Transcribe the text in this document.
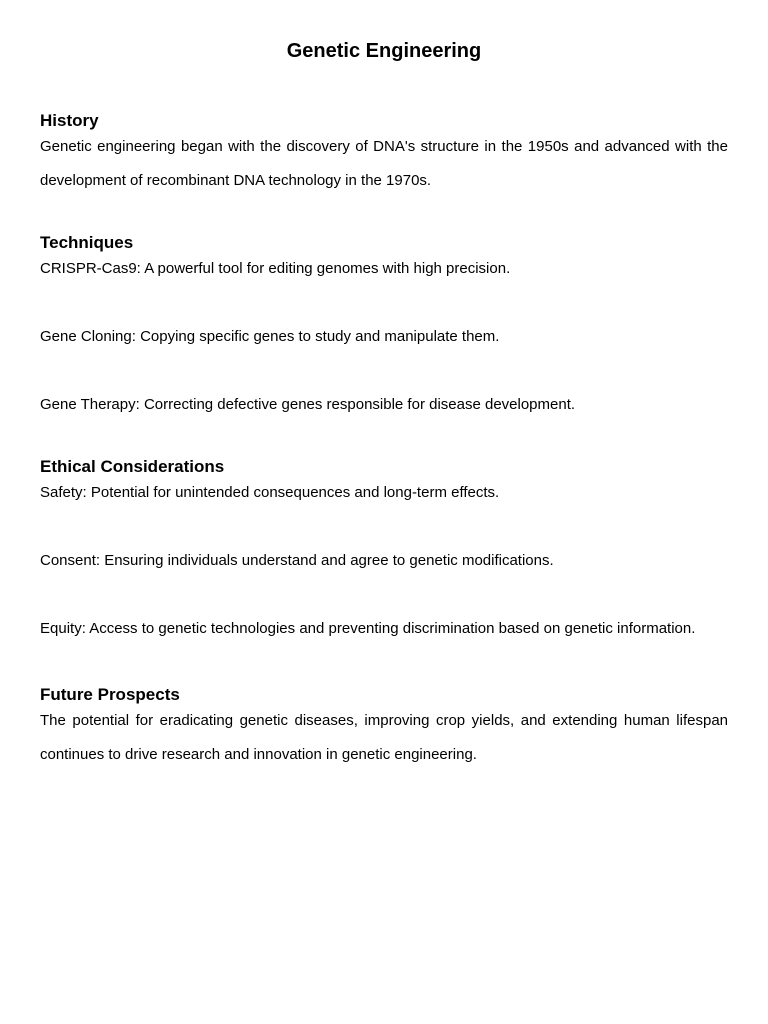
Genetic Engineering
History

Genetic engineering began with the discovery of DNA's structure in the 1950s and advanced with the development of recombinant DNA technology in the 1970s.

Techniques

CRISPR-Cas9: A powerful tool for editing genomes with high precision.

Gene Cloning: Copying specific genes to study and manipulate them.

Gene Therapy: Correcting defective genes responsible for disease development.

Ethical Considerations

Safety: Potential for unintended consequences and long-term effects.

Consent: Ensuring individuals understand and agree to genetic modifications.

Equity: Access to genetic technologies and preventing discrimination based on genetic information.

Future Prospects

The potential for eradicating genetic diseases, improving crop yields, and extending human lifespan continues to drive research and innovation in genetic engineering.
